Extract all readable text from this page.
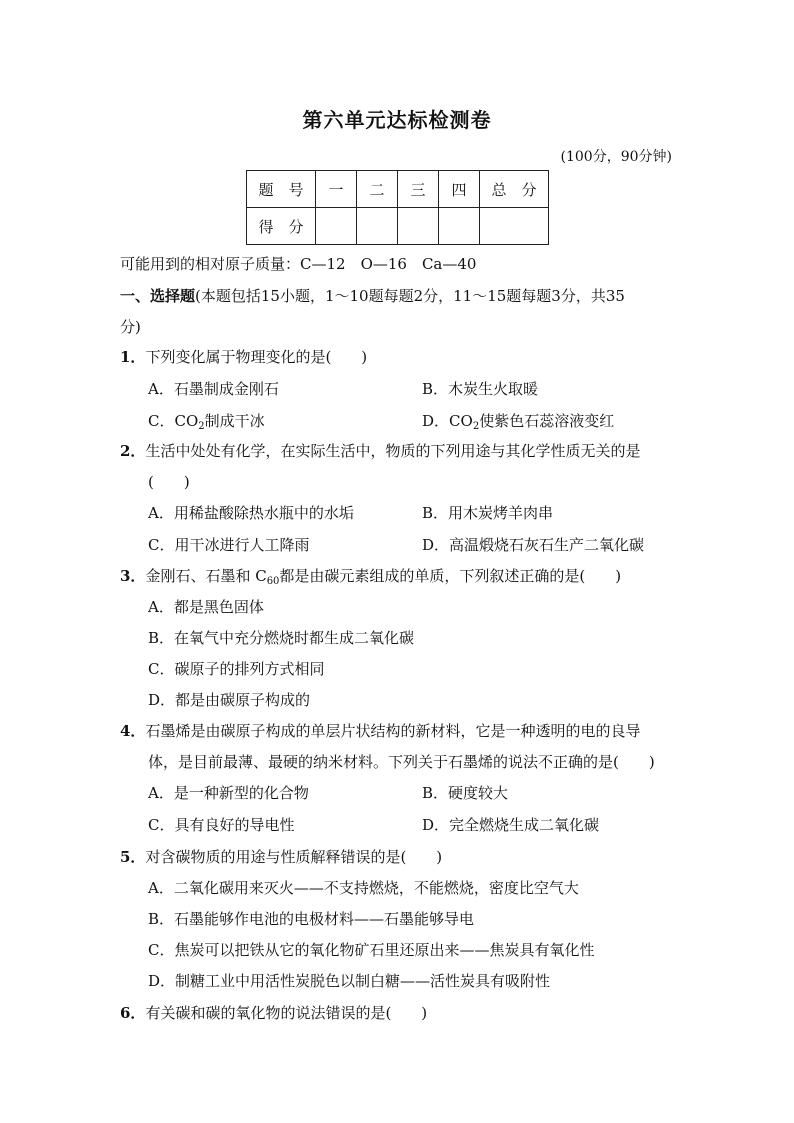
第六单元达标检测卷
(100分，90分钟)
题　号	一	二	三	四	总　分
得　分					
可能用到的相对原子质量：C—12　O—16　Ca—40
一、选择题(本题包括15小题，1～10题每题2分，11～15题每题3分，共35
分)
1．下列变化属于物理变化的是(　　)
A．石墨制成金刚石	B．木炭生火取暖
C．$CO_2$制成干冰	D．$CO_2$使紫色石蕊溶液变红
2．生活中处处有化学，在实际生活中，物质的下列用途与其化学性质无关的是
(　　)
A．用稀盐酸除热水瓶中的水垢	B．用木炭烤羊肉串
C．用干冰进行人工降雨	D．高温煅烧石灰石生产二氧化碳
3．金刚石、石墨和 $C_{60}$都是由碳元素组成的单质，下列叙述正确的是(　　)
A．都是黑色固体
B．在氧气中充分燃烧时都生成二氧化碳
C．碳原子的排列方式相同
D．都是由碳原子构成的
4．石墨烯是由碳原子构成的单层片状结构的新材料，它是一种透明的电的良导
体，是目前最薄、最硬的纳米材料。下列关于石墨烯的说法不正确的是(　　)
A．是一种新型的化合物	B．硬度较大
C．具有良好的导电性	D．完全燃烧生成二氧化碳
5．对含碳物质的用途与性质解释错误的是(　　)
A．二氧化碳用来灭火——不支持燃烧，不能燃烧，密度比空气大
B．石墨能够作电池的电极材料——石墨能够导电
C．焦炭可以把铁从它的氧化物矿石里还原出来——焦炭具有氧化性
D．制糖工业中用活性炭脱色以制白糖——活性炭具有吸附性
6．有关碳和碳的氧化物的说法错误的是(　　)
